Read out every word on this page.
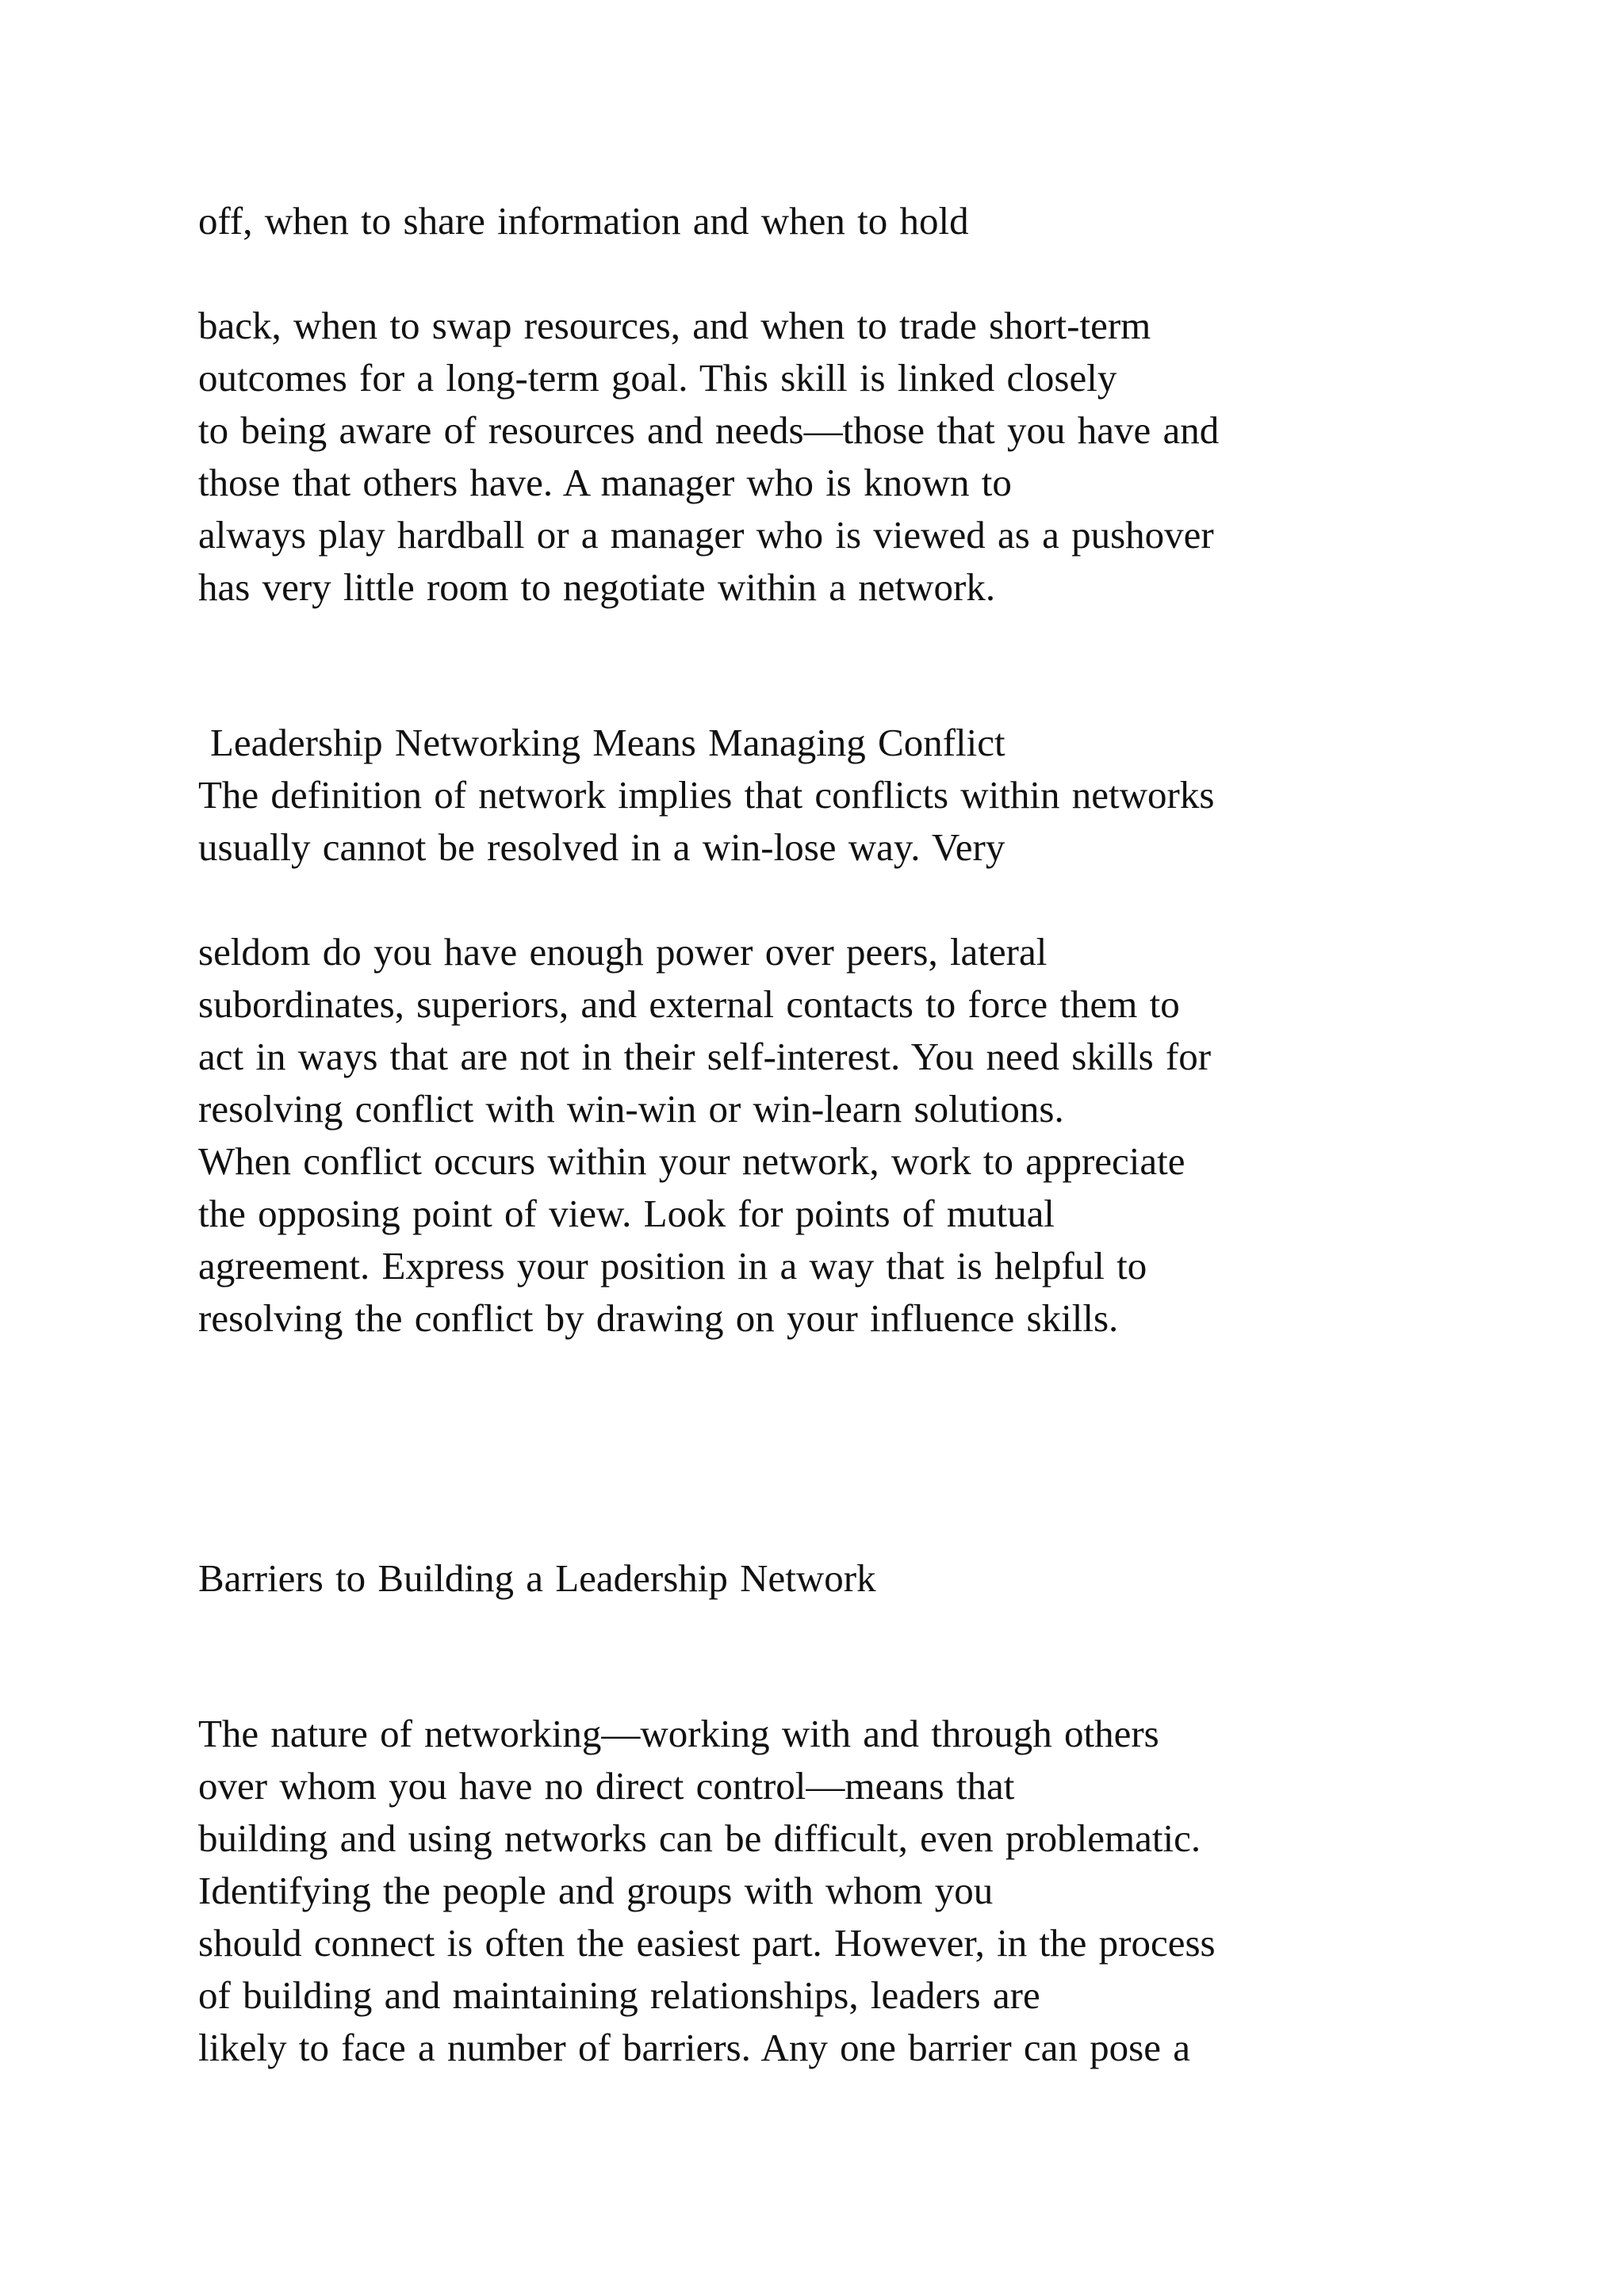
off, when to share information and when to hold

back, when to swap resources, and when to trade short-term

outcomes for a long-term goal. This skill is linked closely

to being aware of resources and needs—those that you have and

those that others have. A manager who is known to

always play hardball or a manager who is viewed as a pushover

has very little room to negotiate within a network.

Leadership Networking Means Managing Conflict

The definition of network implies that conflicts within networks

usually cannot be resolved in a win-lose way. Very

seldom do you have enough power over peers, lateral

subordinates, superiors, and external contacts to force them to

act in ways that are not in their self-interest. You need skills for

resolving conflict with win-win or win-learn solutions.

When conflict occurs within your network, work to appreciate

the opposing point of view. Look for points of mutual

agreement. Express your position in a way that is helpful to

resolving the conflict by drawing on your influence skills.

Barriers to Building a Leadership Network

The nature of networking—working with and through others

over whom you have no direct control—means that

building and using networks can be difficult, even problematic.

Identifying the people and groups with whom you

should connect is often the easiest part. However, in the process

of building and maintaining relationships, leaders are

likely to face a number of barriers. Any one barrier can pose a
